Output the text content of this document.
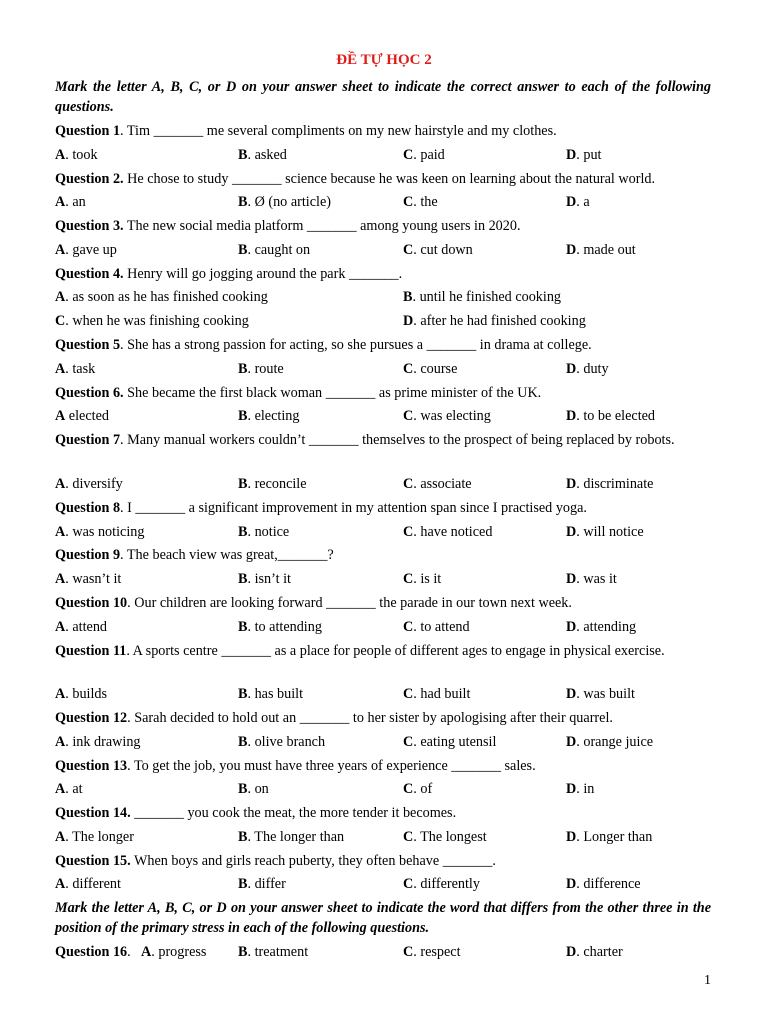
ĐỀ TỰ HỌC 2
Mark the letter A, B, C, or D on your answer sheet to indicate the correct answer to each of the following questions.
Question 1. Tim _______ me several compliments on my new hairstyle and my clothes.
A. took	B. asked	C. paid	D. put
Question 2. He chose to study _______ science because he was keen on learning about the natural world.
A. an	B. Ø (no article)	C. the	D. a
Question 3. The new social media platform _______ among young users in 2020.
A. gave up	B. caught on	C. cut down	D. made out
Question 4. Henry will go jogging around the park _______.
A. as soon as he has finished cooking	B. until he finished cooking
C. when he was finishing cooking	D. after he had finished cooking
Question 5. She has a strong passion for acting, so she pursues a _______ in drama at college.
A. task	B. route	C. course	D. duty
Question 6. She became the first black woman _______ as prime minister of the UK.
A elected	B. electing	C. was electing	D. to be elected
Question 7. Many manual workers couldn’t _______ themselves to the prospect of being replaced by robots.
A. diversify	B. reconcile	C. associate	D. discriminate
Question 8. I _______ a significant improvement in my attention span since I practised yoga.
A. was noticing	B. notice	C. have noticed	D. will notice
Question 9. The beach view was great,_______?
A. wasn’t it	B. isn’t it	C. is it	D. was it
Question 10. Our children are looking forward _______ the parade in our town next week.
A. attend	B. to attending	C. to attend	D. attending
Question 11. A sports centre _______ as a place for people of different ages to engage in physical exercise.
A. builds	B. has built	C. had built	D. was built
Question 12. Sarah decided to hold out an _______ to her sister by apologising after their quarrel.
A. ink drawing	B. olive branch	C. eating utensil	D. orange juice
Question 13. To get the job, you must have three years of experience _______ sales.
A. at	B. on	C. of	D. in
Question 14. _______ you cook the meat, the more tender it becomes.
A. The longer	B. The longer than	C. The longest	D. Longer than
Question 15. When boys and girls reach puberty, they often behave _______.
A. different	B. differ	C. differently	D. difference
Question 16. A. progress B. treatment	C. respect	D. charter
Mark the letter A, B, C, or D on your answer sheet to indicate the word that differs from the other three in the position of the primary stress in each of the following questions.
1
